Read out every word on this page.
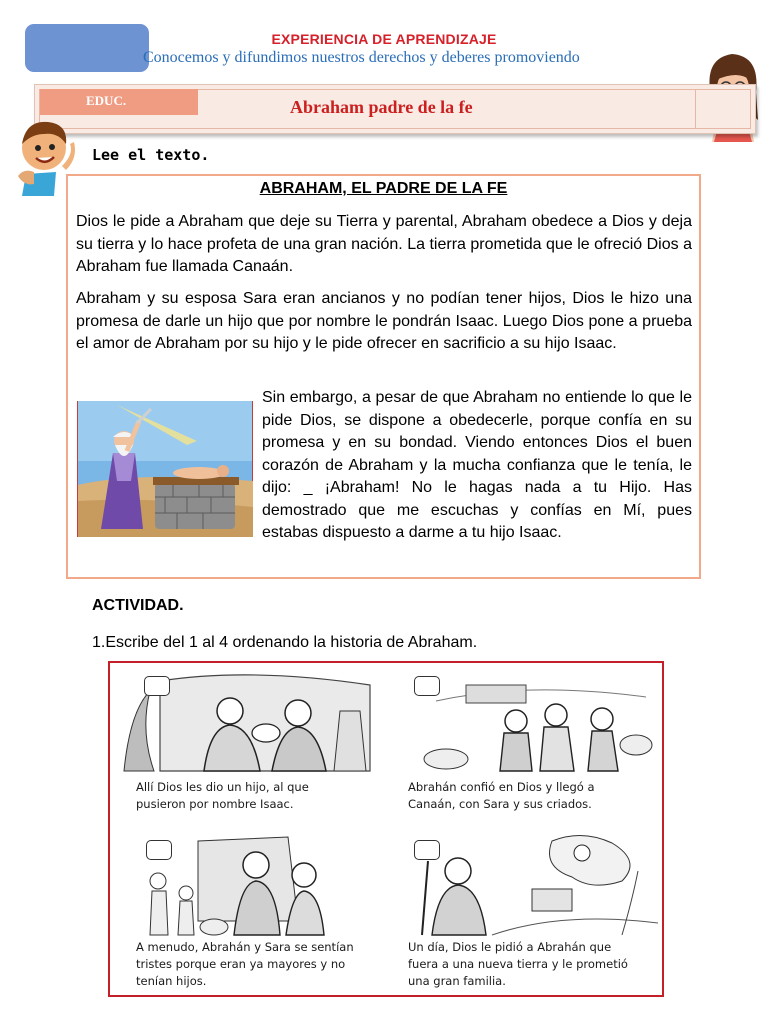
EXPERIENCIA DE APRENDIZAJE
Conocemos y difundimos nuestros derechos y deberes promoviendo
EDUC.	Abraham padre de la fe
Lee el texto.
ABRAHAM, EL PADRE DE LA FE
Dios le pide a Abraham que deje su Tierra y parental, Abraham obedece a Dios y deja su tierra y lo hace profeta de una gran nación. La tierra prometida que le ofreció Dios a Abraham fue llamada Canaán.
Abraham y su esposa Sara eran ancianos y no podían tener hijos, Dios le hizo una promesa de darle un hijo que por nombre le pondrán Isaac. Luego Dios pone a prueba el amor de Abraham por su hijo y le pide ofrecer en sacrificio a su hijo Isaac.
Sin embargo, a pesar de que Abraham no entiende lo que le pide Dios, se dispone a obedecerle, porque confía en su promesa y en su bondad. Viendo entonces Dios el buen corazón de Abraham y la mucha confianza que le tenía, le dijo: _ ¡Abraham! No le hagas nada a tu Hijo. Has demostrado que me escuchas y confías en Mí, pues estabas dispuesto a darme a tu hijo Isaac.
ACTIVIDAD.
1.Escribe del 1 al 4 ordenando la historia de Abraham.
Allí Dios les dio un hijo, al que
pusieron por nombre Isaac.
Abrahán confió en Dios y llegó a
Canaán, con Sara y sus criados.
A menudo, Abrahán y Sara se sentían
tristes porque eran ya mayores y no
tenían hijos.
Un día, Dios le pidió a Abrahán que
fuera a una nueva tierra y le prometió
una gran familia.
